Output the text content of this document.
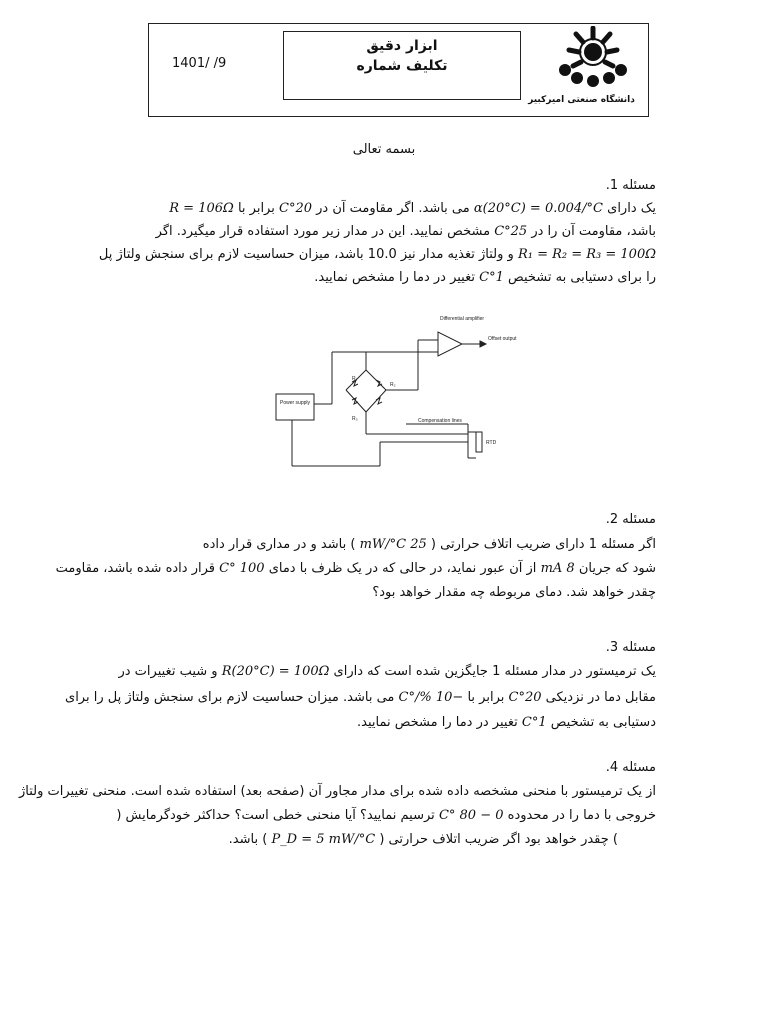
ابزار دقیق
تکلیف شماره
1401/ /9
دانشگاه صنعتی امیرکبیر
بسمه تعالی
مسئله 1.
یک دارای α(20°C) = 0.004/°C می باشد. اگر مقاومت آن در 20°C برابر با R = 106Ω
باشد، مقاومت آن را در 25°C مشخص نمایید. این در مدار زیر مورد استفاده قرار میگیرد. اگر
R₁ = R₂ = R₃ = 100Ω و ولتاژ تغذیه مدار نیز 10.0 باشد، میزان حساسیت لازم برای سنجش ولتاژ پل
را برای دستیابی به تشخیص 1°C تغییر در دما را مشخص نمایید.
Differential amplifier
Offset output
Power supply
Compensation lines
RTD
R₁
R₂
R₃
مسئله 2.
اگر مسئله 1 دارای ضریب اتلاف حرارتی ( 25 mW/°C ) باشد و در مداری قرار داده
شود که جریان 8 mA از آن عبور نماید، در حالی که در یک ظرف با دمای 100 °C قرار داده شده باشد، مقاومت
چقدر خواهد شد. دمای مربوطه چه مقدار خواهد بود؟
مسئله 3.
یک ترمیستور در مدار مسئله 1 جایگزین شده است که دارای R(20°C) = 100Ω و شیب تغییرات در
مقابل دما در نزدیکی 20°C برابر با −10 %/°C می باشد. میزان حساسیت لازم برای سنجش ولتاژ پل را برای
دستیابی به تشخیص 1°C تغییر در دما را مشخص نمایید.
مسئله 4.
از یک ترمیستور با منحنی مشخصه داده شده برای مدار مجاور آن (صفحه بعد) استفاده شده است. منحنی تغییرات ولتاژ
خروجی با دما را در محدوده 0 − 80 °C ترسیم نمایید؟ آیا منحنی خطی است؟ حداکثر خودگرمایش (
) چقدر خواهد بود اگر ضریب اتلاف حرارتی ( P_D = 5 mW/°C ) باشد.
